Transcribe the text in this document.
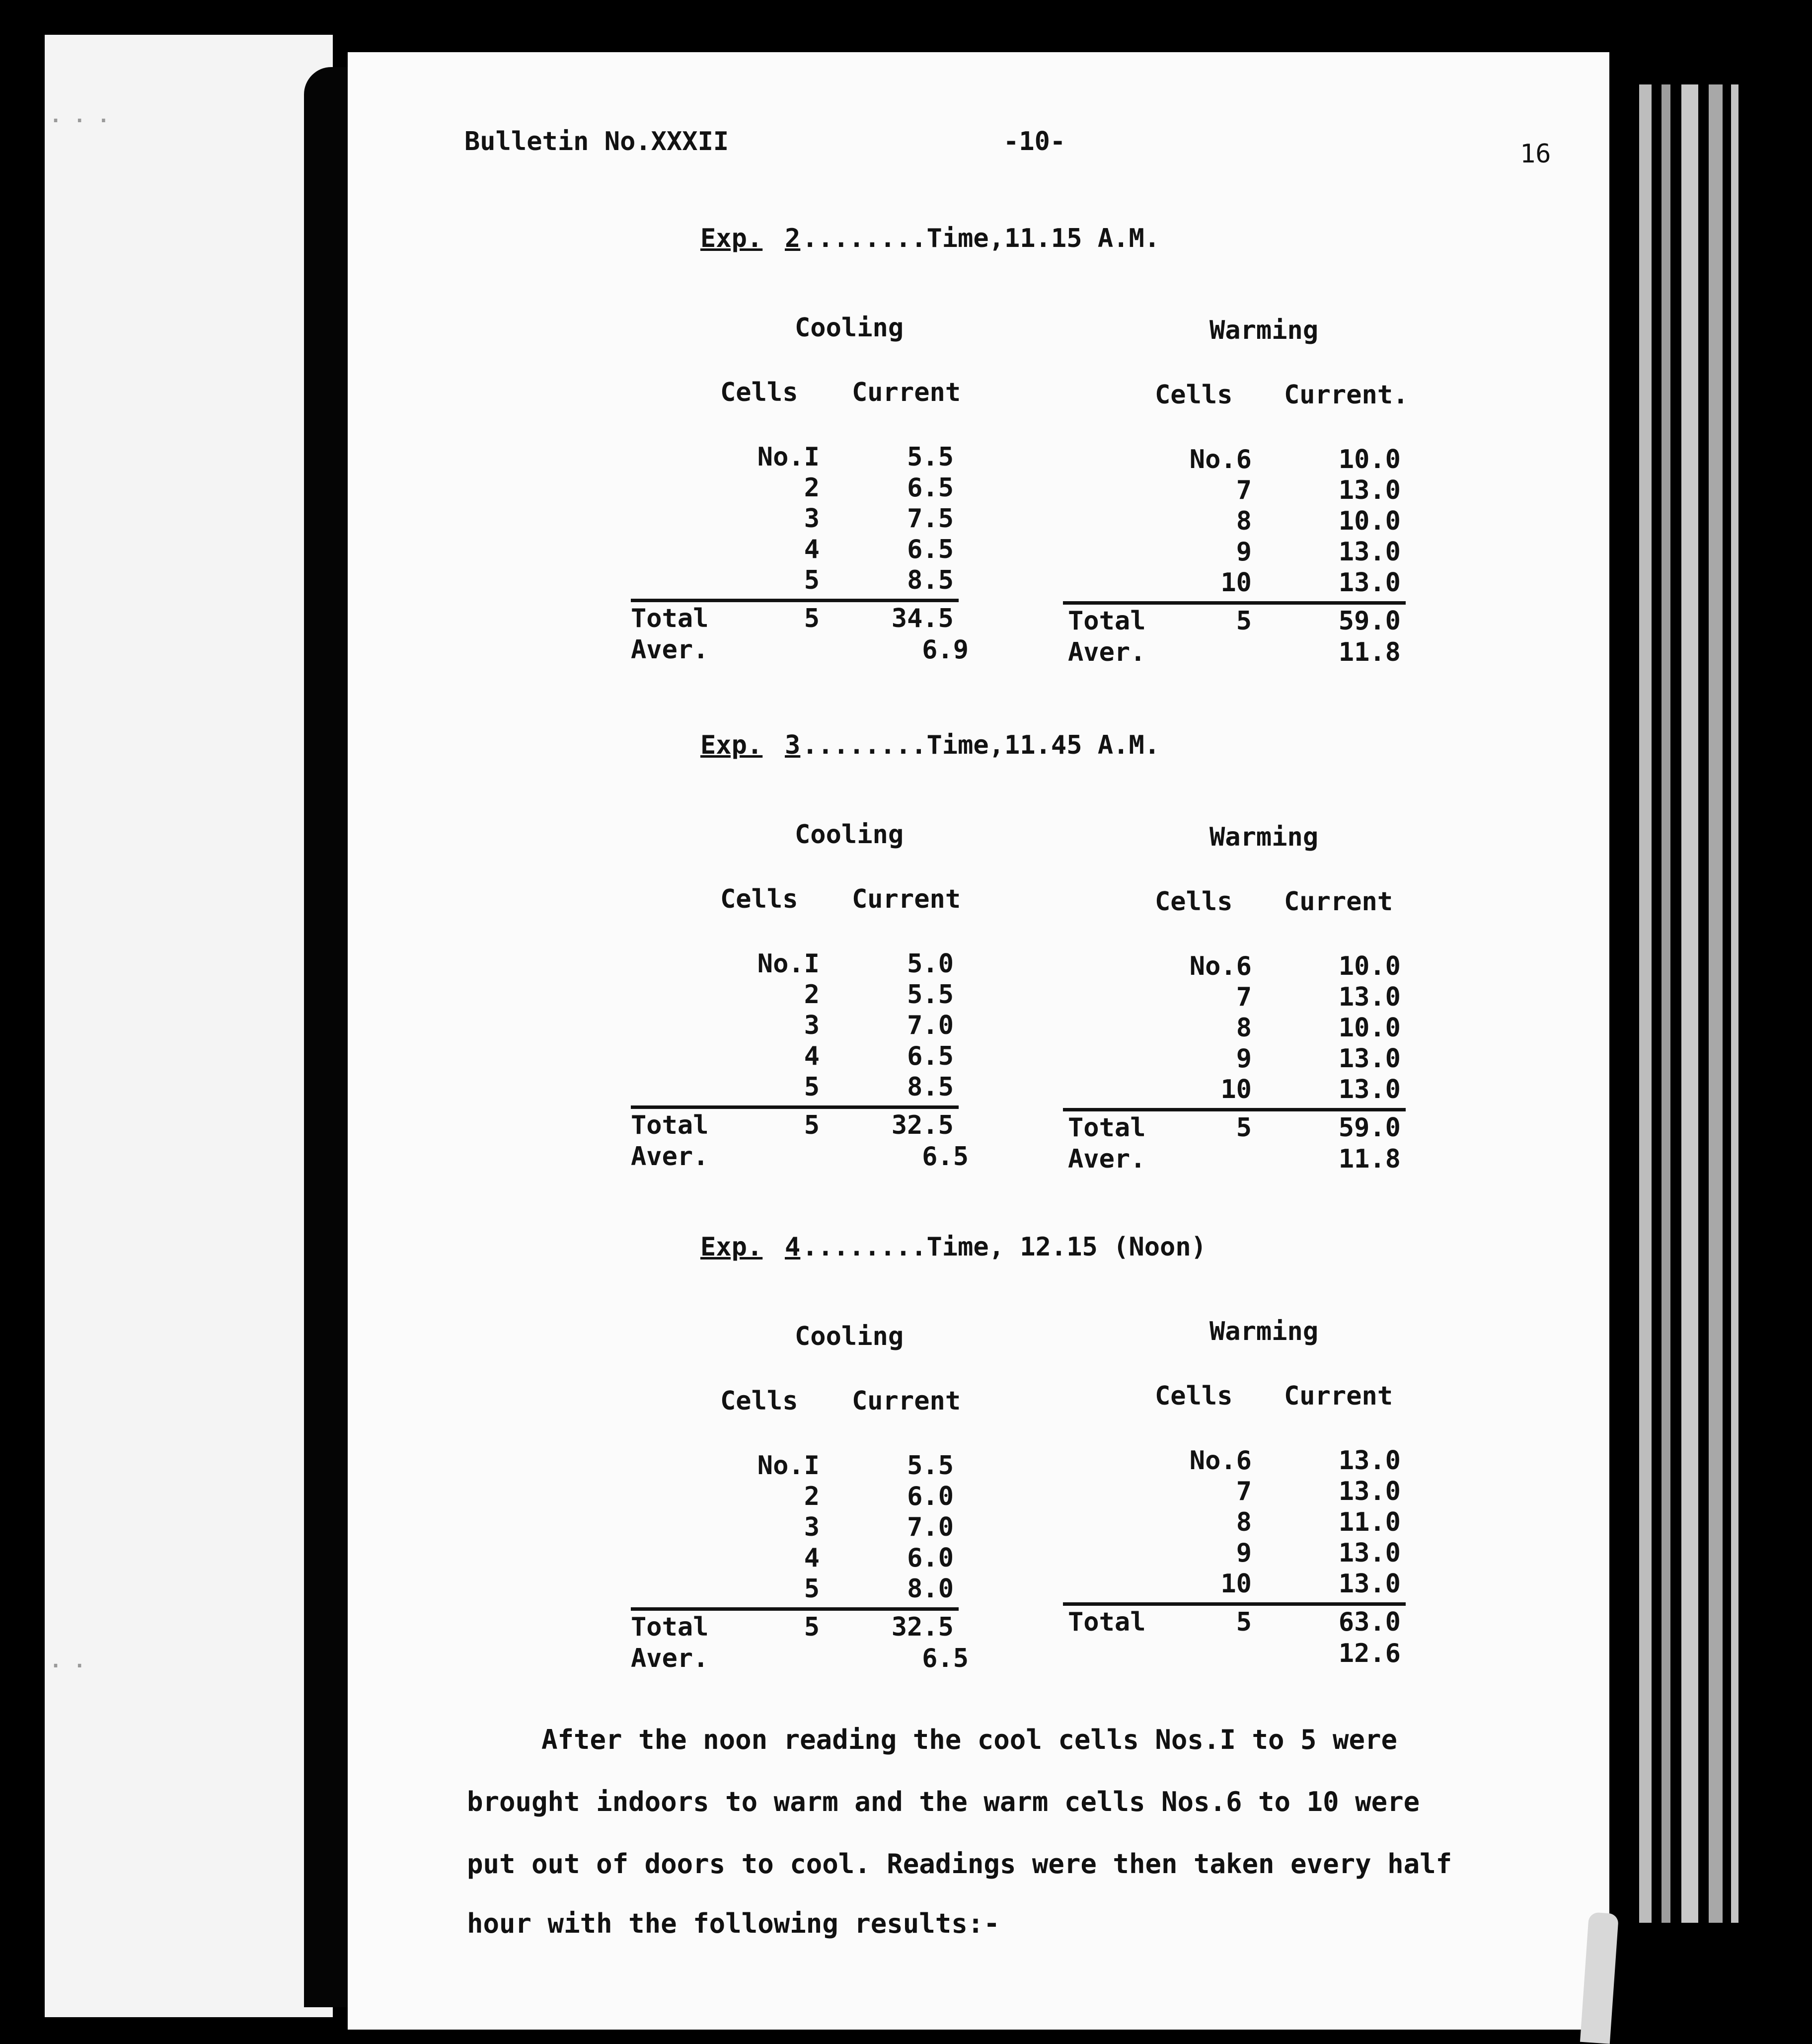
. . .
. .
Bulletin No.XXXII	-10-	16
Exp. 2 ........Time,11.15 A.M.
Cooling
Cells Current
No.I	5.5
2	6.5
3	7.5
4	6.5
5	8.5
Total	5	34.5
Aver.	6.9
Warming
Cells Current.
No.6	10.0
7	13.0
8	10.0
9	13.0
10	13.0
Total	5	59.0
Aver.	11.8
Exp. 3 ........Time,11.45 A.M.
Cooling
Cells Current
No.I	5.0
2	5.5
3	7.0
4	6.5
5	8.5
Total	5	32.5
Aver.	6.5
Warming
Cells Current
No.6	10.0
7	13.0
8	10.0
9	13.0
10	13.0
Total	5	59.0
Aver.	11.8
Exp. 4 ........Time, 12.15 (Noon)
Cooling
Cells Current
No.I	5.5
2	6.0
3	7.0
4	6.0
5	8.0
Total	5	32.5
Aver.	6.5
Warming
Cells Current
No.6	13.0
7	13.0
8	11.0
9	13.0
10	13.0
Total	5	63.0
12.6
After the noon reading the cool cells Nos.I to 5 were
brought indoors to warm and the warm cells Nos.6 to 10 were
put out of doors to cool. Readings were then taken every half
hour with the following results:-
